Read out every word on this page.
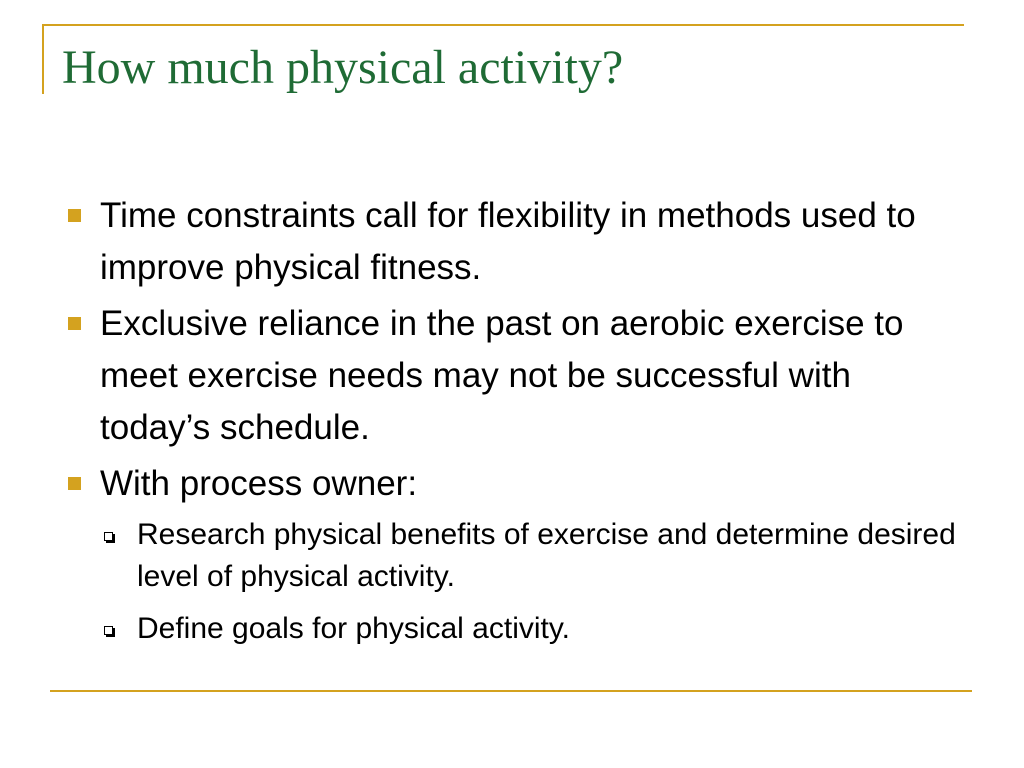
How much physical activity?
Time constraints call for flexibility in methods used to improve physical fitness.
Exclusive reliance in the past on aerobic exercise to meet exercise needs may not be successful with today’s schedule.
With process owner:
Research physical benefits of exercise and determine desired level of physical activity.
Define goals for physical activity.
